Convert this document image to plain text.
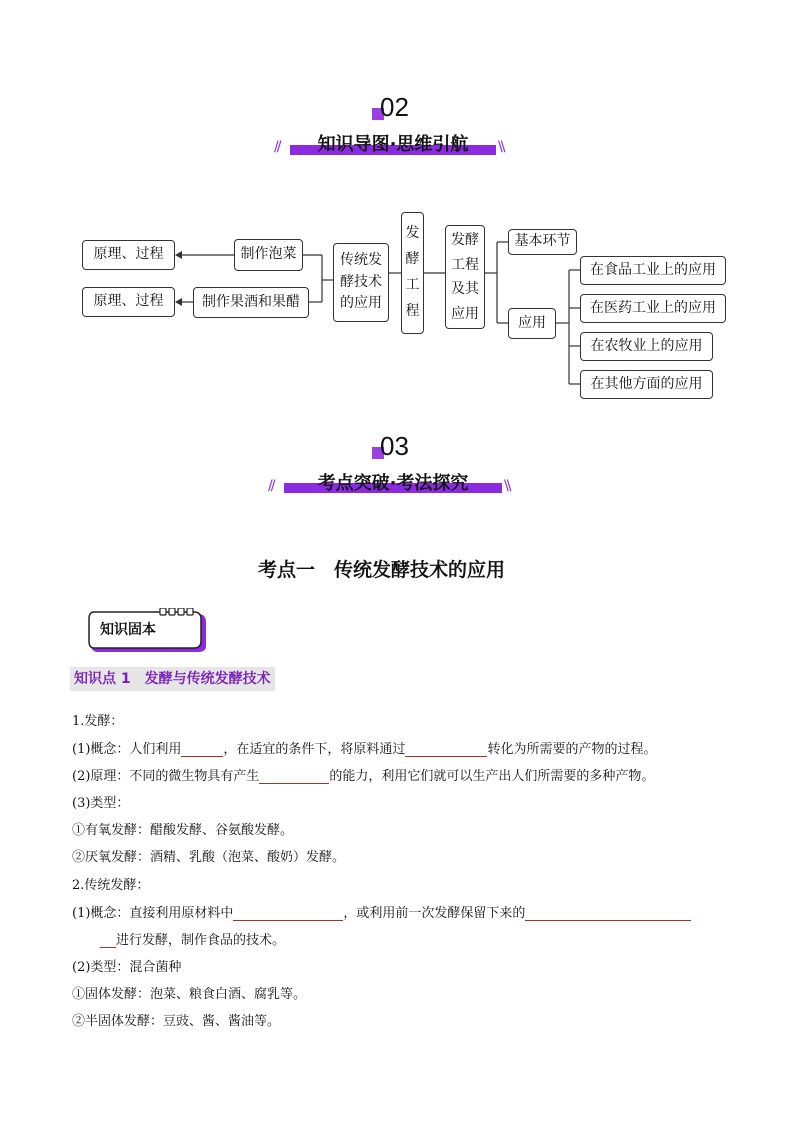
02
//	\\
知识导图·思维引航
原理、过程
原理、过程
制作泡菜
制作果酒和果醋
传统发酵技术的应用
发酵工程
发酵工程及其应用
基本环节
应用
在食品工业上的应用
在医药工业上的应用
在农牧业上的应用
在其他方面的应用
03
//	\\
考点突破·考法探究
考点一　传统发酵技术的应用
知识固本
知识点 1　发酵与传统发酵技术
1.发酵：
(1)概念：人们利用	，在适宜的条件下，将原料通过	转化为所需要的产物的过程。
(2)原理：不同的微生物具有产生	的能力，利用它们就可以生产出人们所需要的多种产物。
(3)类型：
①有氧发酵：醋酸发酵、谷氨酸发酵。
②厌氧发酵：酒精、乳酸（泡菜、酸奶）发酵。
2.传统发酵：
(1)概念：直接利用原材料中	，或利用前一次发酵保留下来的
进行发酵，制作食品的技术。
(2)类型：混合菌种
①固体发酵：泡菜、粮食白酒、腐乳等。
②半固体发酵：豆豉、酱、酱油等。
